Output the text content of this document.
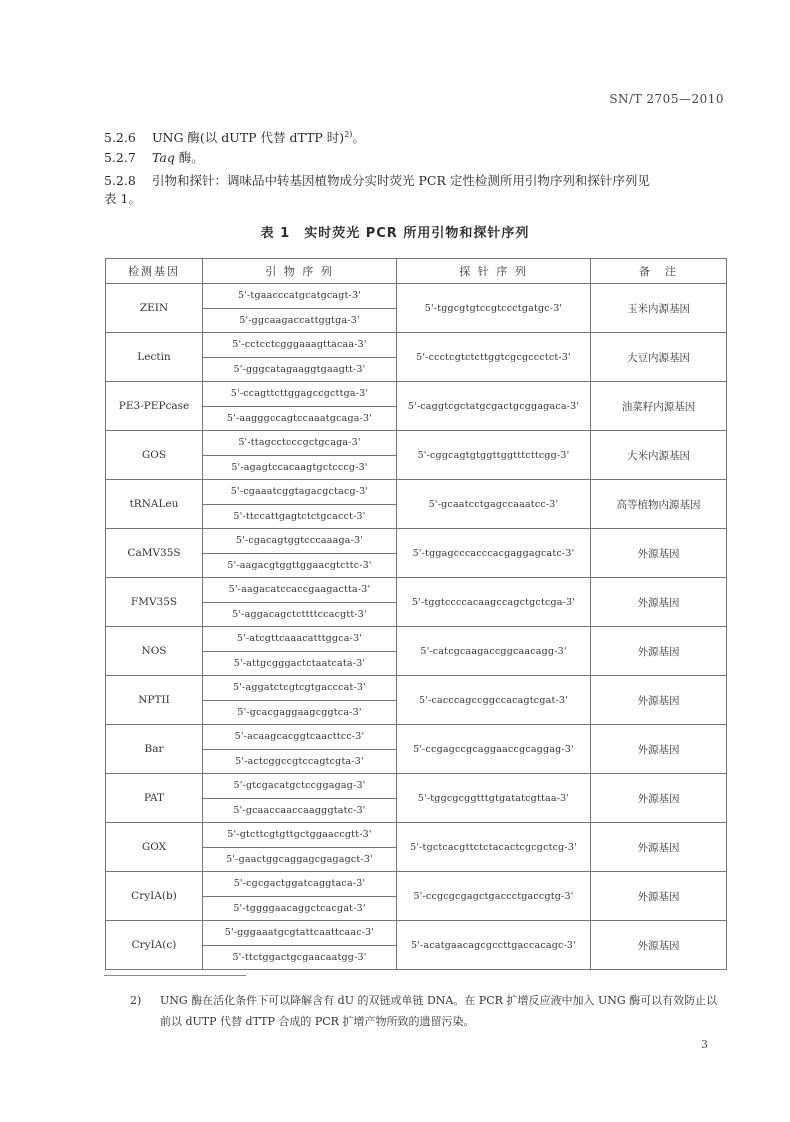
SN/T 2705—2010
5.2.6 UNG 酶(以 dUTP 代替 dTTP 时)$^{2)}$。
5.2.7 Taq 酶。
5.2.8 引物和探针：调味品中转基因植物成分实时荧光 PCR 定性检测所用引物序列和探针序列见
表 1。
表 1　实时荧光 PCR 所用引物和探针序列
检测基因	引 物 序 列	探 针 序 列	备　注
ZEIN	5'-tgaacccatgcatgcagt-3'	5'-tggcgtgtccgtccctgatgc-3'	玉米内源基因
	5'-ggcaagaccattggtga-3'		
Lectin	5'-cctcctcgggaaagttacaa-3'	5'-ccctcgtctcttggtcgcgccctct-3'	大豆内源基因
	5'-gggcatagaaggtgaagtt-3'		
PE3-PEPcase	5'-ccagttcttggagccgcttga-3'	5'-caggtcgctatgcgactgcggagaca-3'	油菜籽内源基因
	5'-aagggccagtccaaatgcaga-3'		
GOS	5'-ttagcctcccgctgcaga-3'	5'-cggcagtgtggttggtttcttcgg-3'	大米内源基因
	5'-agagtccacaagtgctcccg-3'		
tRNALeu	5'-cgaaatcggtagacgctacg-3'	5'-gcaatcctgagccaaatcc-3'	高等植物内源基因
	5'-ttccattgagtctctgcacct-3'		
CaMV35S	5'-cgacagtggtcccaaaga-3'	5'-tggagcccacccacgaggagcatc-3'	外源基因
	5'-aagacgtggttggaacgtcttc-3'		
FMV35S	5'-aagacatccaccgaagactta-3'	5'-tggtccccacaagccagctgctcga-3'	外源基因
	5'-aggacagctcttttccacgtt-3'		
NOS	5'-atcgttcaaacatttggca-3'	5'-catcgcaagaccggcaacagg-3'	外源基因
	5'-attgcgggactctaatcata-3'		
NPTII	5'-aggatctcgtcgtgacccat-3'	5'-cacccagccggccacagtcgat-3'	外源基因
	5'-gcacgaggaagcggtca-3'		
Bar	5'-acaagcacggtcaacttcc-3'	5'-ccgagccgcaggaaccgcaggag-3'	外源基因
	5'-actcggccgtccagtcgta-3'		
PAT	5'-gtcgacatgctccggagag-3'	5'-tggcgcggtttgtgatatcgttaa-3'	外源基因
	5'-gcaaccaaccaagggtatc-3'		
GOX	5'-gtcttcgtgttgctggaaccgtt-3'	5'-tgctcacgttctctacactcgcgctcg-3'	外源基因
	5'-gaactggcaggagcgagagct-3'		
CryIA(b)	5'-cgcgactggatcaggtaca-3'	5'-ccgcgcgagctgaccctgaccgtg-3'	外源基因
	5'-tggggaacaggctcacgat-3'		
CryIA(c)	5'-gggaaatgcgtattcaattcaac-3'	5'-acatgaacagcgccttgaccacagc-3'	外源基因
	5'-ttctggactgcgaacaatgg-3'		
2)	UNG 酶在活化条件下可以降解含有 dU 的双链或单链 DNA。在 PCR 扩增反应液中加入 UNG 酶可以有效防止以前以 dUTP 代替 dTTP 合成的 PCR 扩增产物所致的遗留污染。
3
